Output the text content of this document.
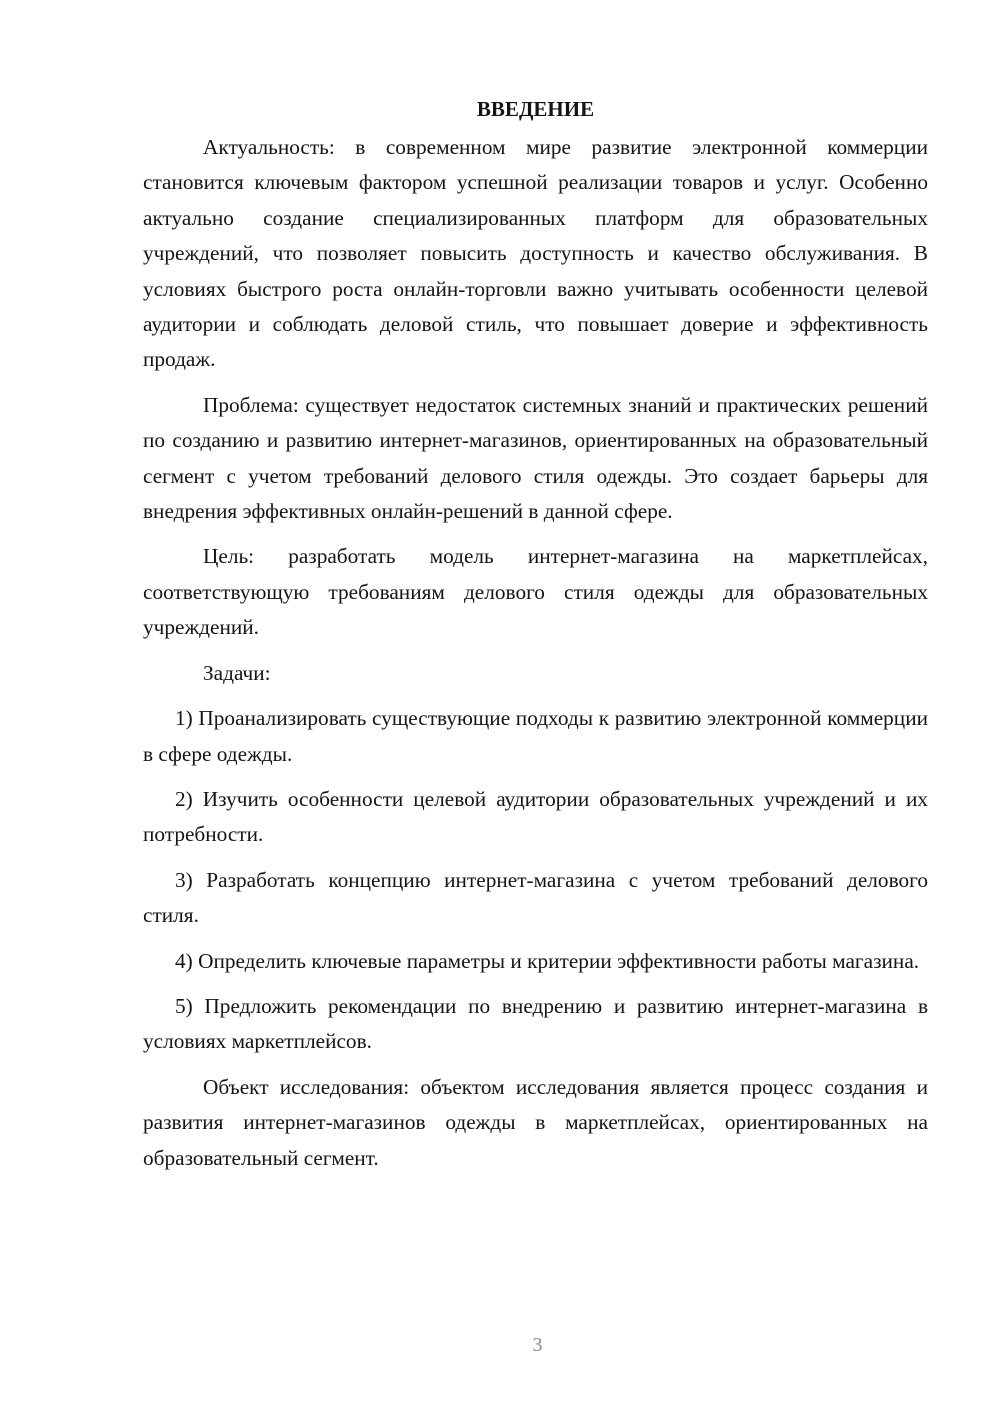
ВВЕДЕНИЕ

Актуальность: в современном мире развитие электронной коммерции становится ключевым фактором успешной реализации товаров и услуг. Особенно актуально создание специализированных платформ для образовательных учреждений, что позволяет повысить доступность и качество обслуживания. В условиях быстрого роста онлайн-торговли важно учитывать особенности целевой аудитории и соблюдать деловой стиль, что повышает доверие и эффективность продаж.

Проблема: существует недостаток системных знаний и практических решений по созданию и развитию интернет-магазинов, ориентированных на образовательный сегмент с учетом требований делового стиля одежды. Это создает барьеры для внедрения эффективных онлайн-решений в данной сфере.

Цель: разработать модель интернет-магазина на маркетплейсах, соответствующую требованиям делового стиля одежды для образовательных учреждений.

Задачи:

1) Проанализировать существующие подходы к развитию электронной коммерции в сфере одежды.

2) Изучить особенности целевой аудитории образовательных учреждений и их потребности.

3) Разработать концепцию интернет-магазина с учетом требований делового стиля.

4) Определить ключевые параметры и критерии эффективности работы магазина.

5) Предложить рекомендации по внедрению и развитию интернет-магазина в условиях маркетплейсов.

Объект исследования: объектом исследования является процесс создания и развития интернет-магазинов одежды в маркетплейсах, ориентированных на образовательный сегмент.

3
